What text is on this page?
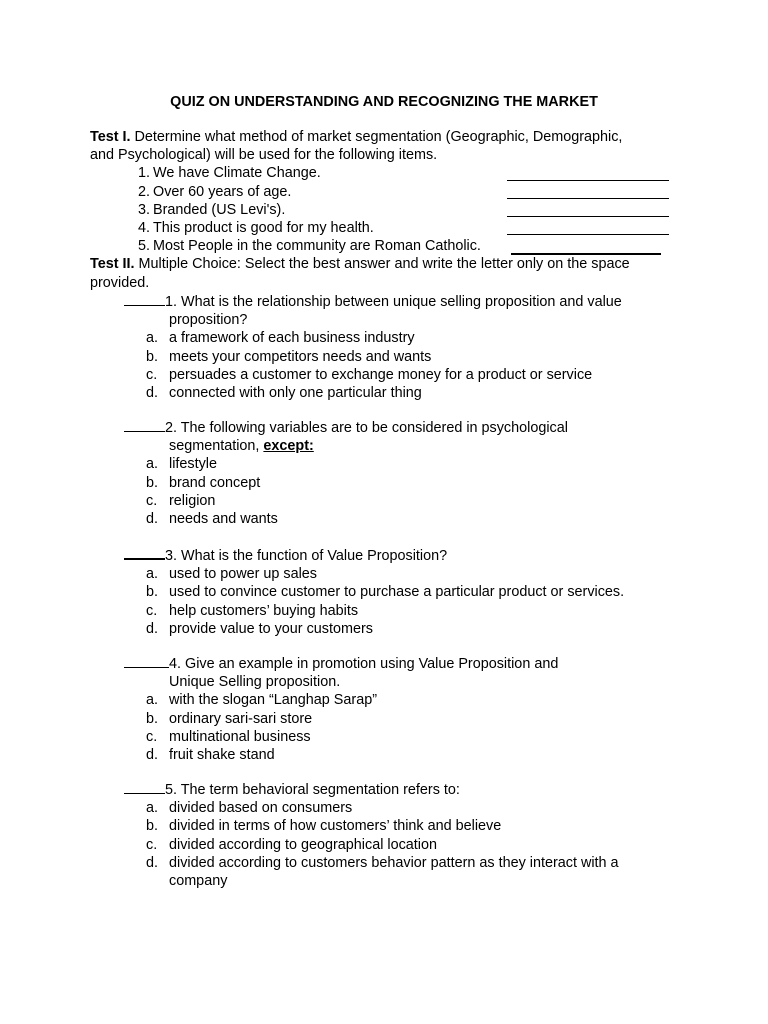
QUIZ ON UNDERSTANDING AND RECOGNIZING THE MARKET
Test I. Determine what method of market segmentation (Geographic, Demographic,
and Psychological) will be used for the following items.
1. We have Climate Change.
2. Over 60 years of age.
3. Branded (US Levi's).
4. This product is good for my health.
5. Most People in the community are Roman Catholic.
Test II. Multiple Choice: Select the best answer and write the letter only on the space
provided.
1. What is the relationship between unique selling proposition and value
proposition?
a. a framework of each business industry
b. meets your competitors needs and wants
c. persuades a customer to exchange money for a product or service
d. connected with only one particular thing
2. The following variables are to be considered in psychological
segmentation, except:
a. lifestyle
b. brand concept
c. religion
d. needs and wants
3. What is the function of Value Proposition?
a. used to power up sales
b. used to convince customer to purchase a particular product or services.
c. help customers’ buying habits
d. provide value to your customers
4. Give an example in promotion using Value Proposition and
Unique Selling proposition.
a. with the slogan “Langhap Sarap”
b. ordinary sari-sari store
c. multinational business
d. fruit shake stand
5. The term behavioral segmentation refers to:
a. divided based on consumers
b. divided in terms of how customers’ think and believe
c. divided according to geographical location
d. divided according to customers behavior pattern as they interact with a company
